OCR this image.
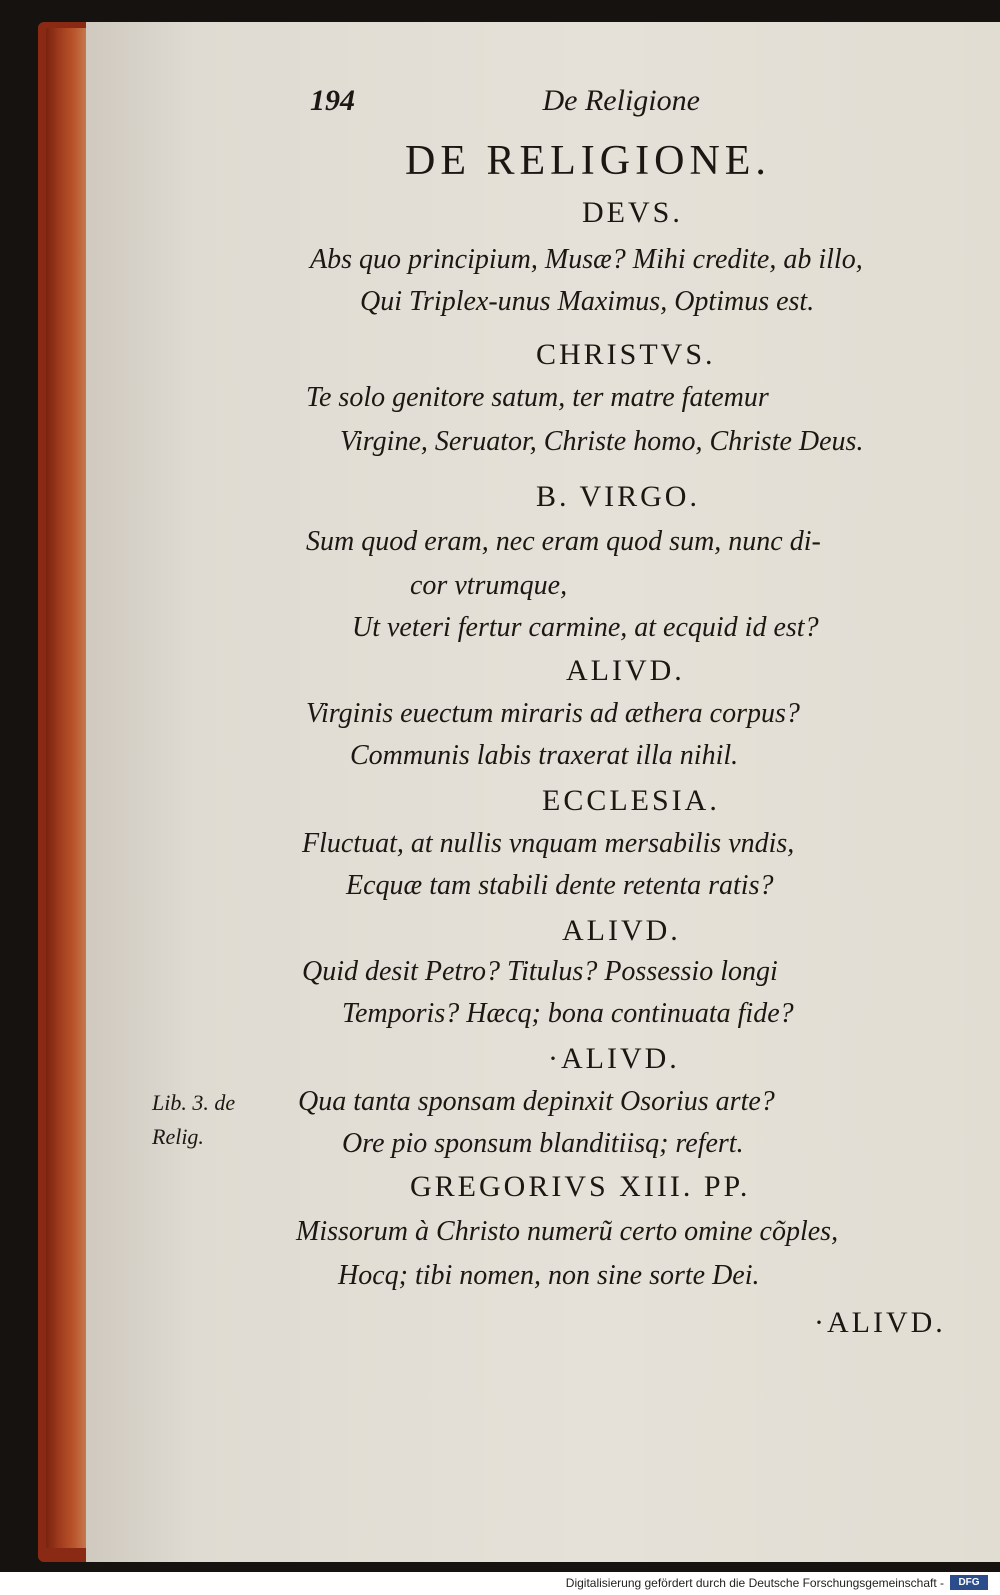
194	De Religione
DE RELIGIONE.
DEVS.
Abs quo principium, Musæ? Mihi credite, ab illo,
Qui Triplex-unus Maximus, Optimus est.
CHRISTVS.
Te solo genitore satum, ter matre fatemur
Virgine, Seruator, Christe homo, Christe Deus.
B. VIRGO.
Sum quod eram, nec eram quod sum, nunc di-
cor vtrumque,
Ut veteri fertur carmine, at ecquid id est?
ALIVD.
Virginis euectum miraris ad æthera corpus?
Communis labis traxerat illa nihil.
ECCLESIA.
Fluctuat, at nullis vnquam mersabilis vndis,
Ecquæ tam stabili dente retenta ratis?
ALIVD.
Quid desit Petro? Titulus? Possessio longi
Temporis? Hæcq; bona continuata fide?
·ALIVD.
Lib. 3. de
Relig.
Qua tanta sponsam depinxit Osorius arte?
Ore pio sponsum blanditiisq; refert.
GREGORIVS XIII. PP.
Missorum à Christo numerũ certo omine cõples,
Hocq; tibi nomen, non sine sorte Dei.
·ALIVD.
Digitalisierung gefördert durch die Deutsche Forschungsgemeinschaft -	DFG
